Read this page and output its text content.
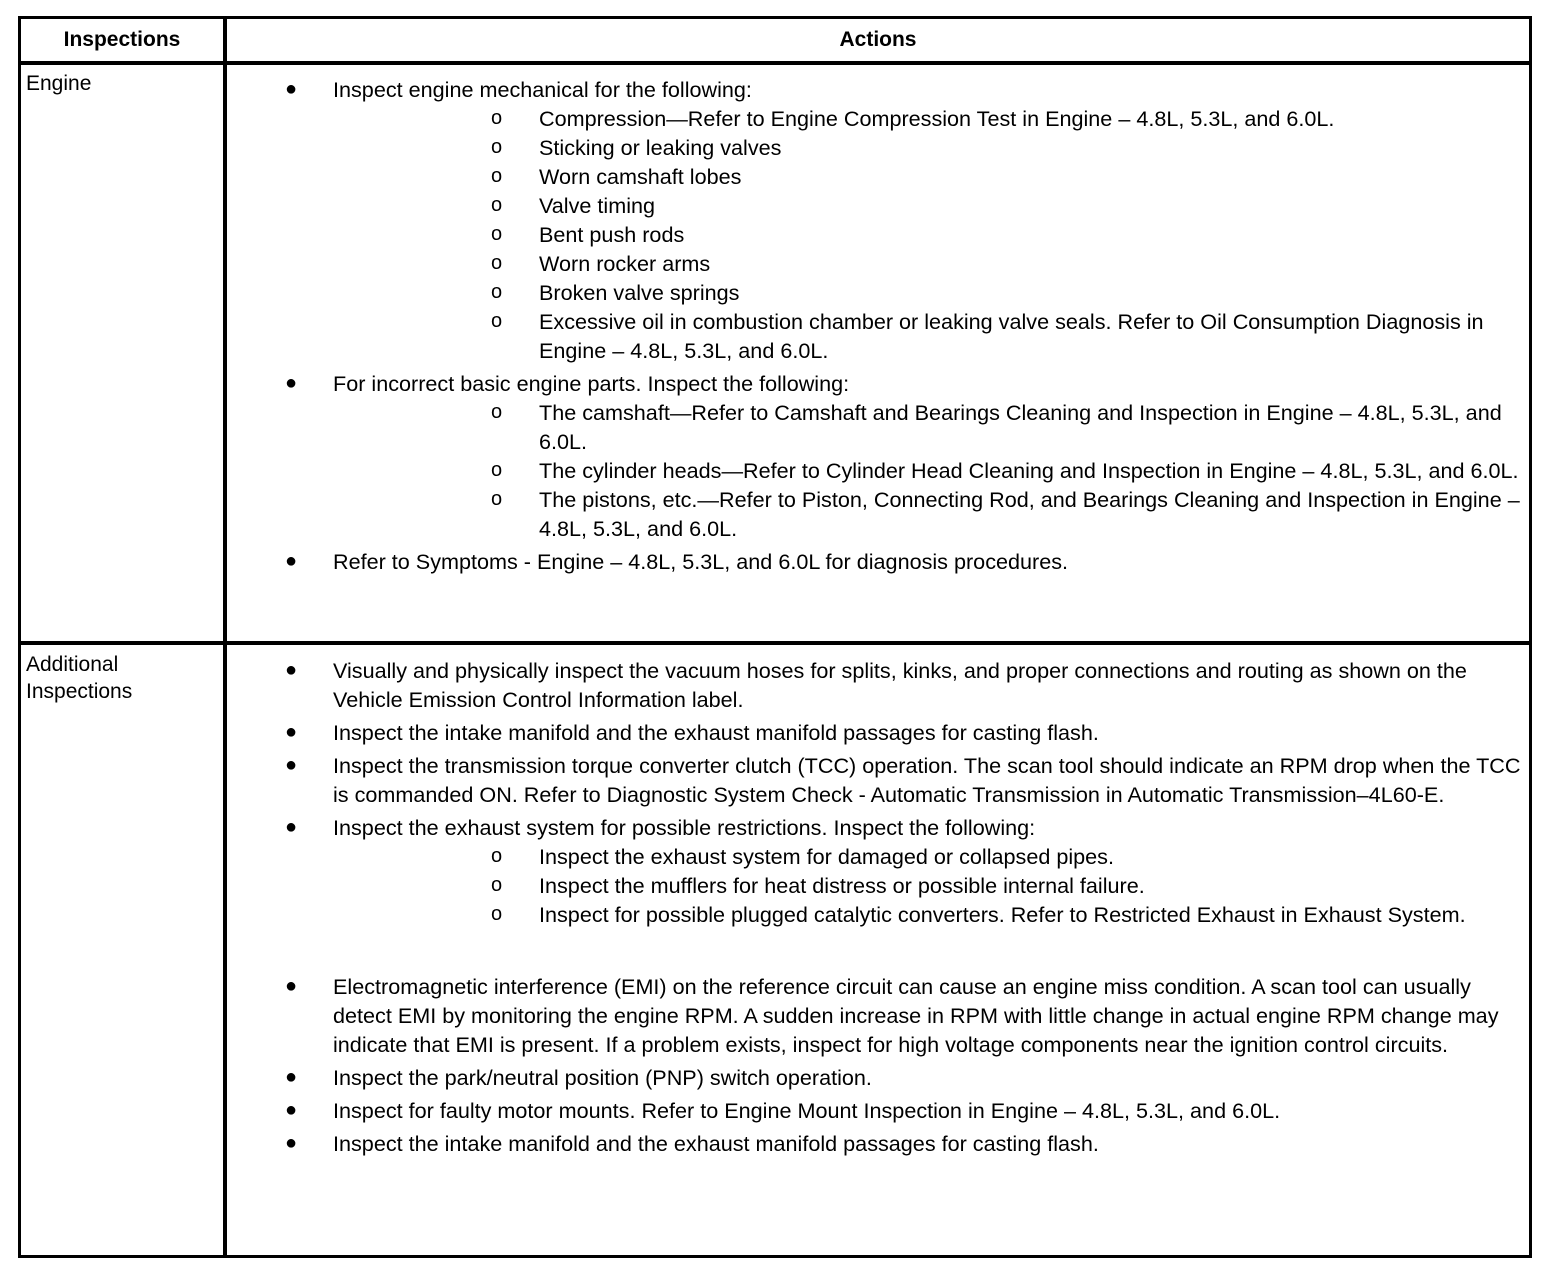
Inspections	Actions
Engine	● Inspect engine mechanical for the following:
o Compression—Refer to Engine Compression Test in Engine – 4.8L, 5.3L, and 6.0L.
o Sticking or leaking valves
o Worn camshaft lobes
o Valve timing
o Bent push rods
o Worn rocker arms
o Broken valve springs
o Excessive oil in combustion chamber or leaking valve seals. Refer to Oil Consumption Diagnosis in Engine – 4.8L, 5.3L, and 6.0L.
● For incorrect basic engine parts. Inspect the following:
o The camshaft—Refer to Camshaft and Bearings Cleaning and Inspection in Engine – 4.8L, 5.3L, and 6.0L.
o The cylinder heads—Refer to Cylinder Head Cleaning and Inspection in Engine – 4.8L, 5.3L, and 6.0L.
o The pistons, etc.—Refer to Piston, Connecting Rod, and Bearings Cleaning and Inspection in Engine – 4.8L, 5.3L, and 6.0L.
● Refer to Symptoms - Engine – 4.8L, 5.3L, and 6.0L for diagnosis procedures.
Additional Inspections
● Visually and physically inspect the vacuum hoses for splits, kinks, and proper connections and routing as shown on the Vehicle Emission Control Information label.
● Inspect the intake manifold and the exhaust manifold passages for casting flash.
● Inspect the transmission torque converter clutch (TCC) operation. The scan tool should indicate an RPM drop when the TCC is commanded ON. Refer to Diagnostic System Check - Automatic Transmission in Automatic Transmission–4L60-E.
● Inspect the exhaust system for possible restrictions. Inspect the following:
o Inspect the exhaust system for damaged or collapsed pipes.
o Inspect the mufflers for heat distress or possible internal failure.
o Inspect for possible plugged catalytic converters. Refer to Restricted Exhaust in Exhaust System.
● Electromagnetic interference (EMI) on the reference circuit can cause an engine miss condition. A scan tool can usually detect EMI by monitoring the engine RPM. A sudden increase in RPM with little change in actual engine RPM change may indicate that EMI is present. If a problem exists, inspect for high voltage components near the ignition control circuits.
● Inspect the park/neutral position (PNP) switch operation.
● Inspect for faulty motor mounts. Refer to Engine Mount Inspection in Engine – 4.8L, 5.3L, and 6.0L.
● Inspect the intake manifold and the exhaust manifold passages for casting flash.
